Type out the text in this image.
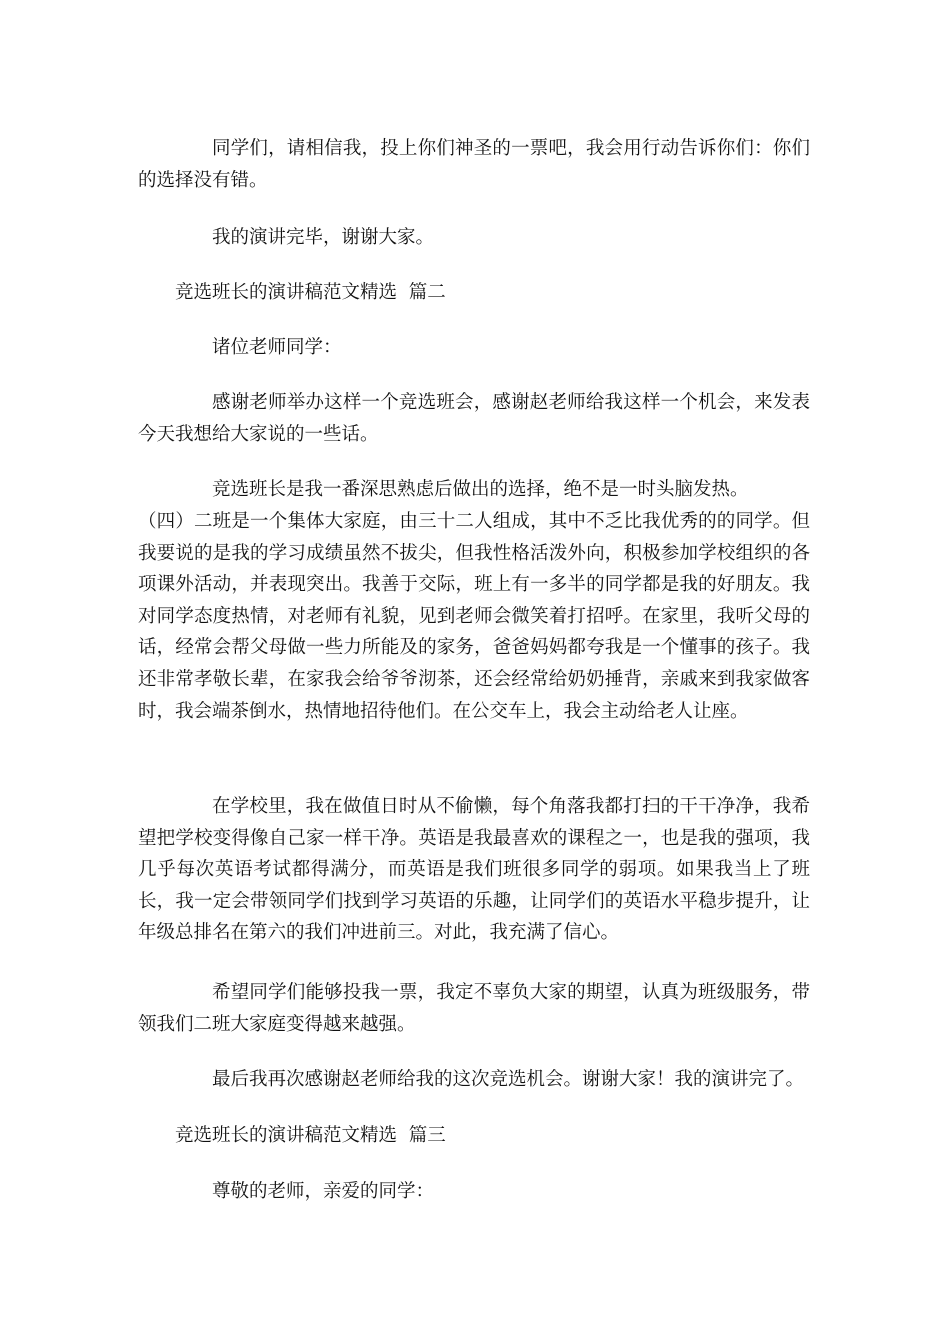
同学们，请相信我，投上你们神圣的一票吧，我会用行动告诉你们：你们的选择没有错。

我的演讲完毕，谢谢大家。

竞选班长的演讲稿范文精选  篇二

诸位老师同学：

感谢老师举办这样一个竞选班会，感谢赵老师给我这样一个机会，来发表今天我想给大家说的一些话。

竞选班长是我一番深思熟虑后做出的选择，绝不是一时头脑发热。

（四）二班是一个集体大家庭，由三十二人组成，其中不乏比我优秀的的同学。但我要说的是我的学习成绩虽然不拔尖，但我性格活泼外向，积极参加学校组织的各项课外活动，并表现突出。我善于交际，班上有一多半的同学都是我的好朋友。我对同学态度热情，对老师有礼貌，见到老师会微笑着打招呼。在家里，我听父母的话，经常会帮父母做一些力所能及的家务，爸爸妈妈都夸我是一个懂事的孩子。我还非常孝敬长辈，在家我会给爷爷沏茶，还会经常给奶奶捶背，亲戚来到我家做客时，我会端茶倒水，热情地招待他们。在公交车上，我会主动给老人让座。

在学校里，我在做值日时从不偷懒，每个角落我都打扫的干干净净，我希望把学校变得像自己家一样干净。英语是我最喜欢的课程之一，也是我的强项，我几乎每次英语考试都得满分，而英语是我们班很多同学的弱项。如果我当上了班长，我一定会带领同学们找到学习英语的乐趣，让同学们的英语水平稳步提升，让年级总排名在第六的我们冲进前三。对此，我充满了信心。

希望同学们能够投我一票，我定不辜负大家的期望，认真为班级服务，带领我们二班大家庭变得越来越强。

最后我再次感谢赵老师给我的这次竞选机会。谢谢大家！我的演讲完了。

竞选班长的演讲稿范文精选  篇三

尊敬的老师，亲爱的同学：
